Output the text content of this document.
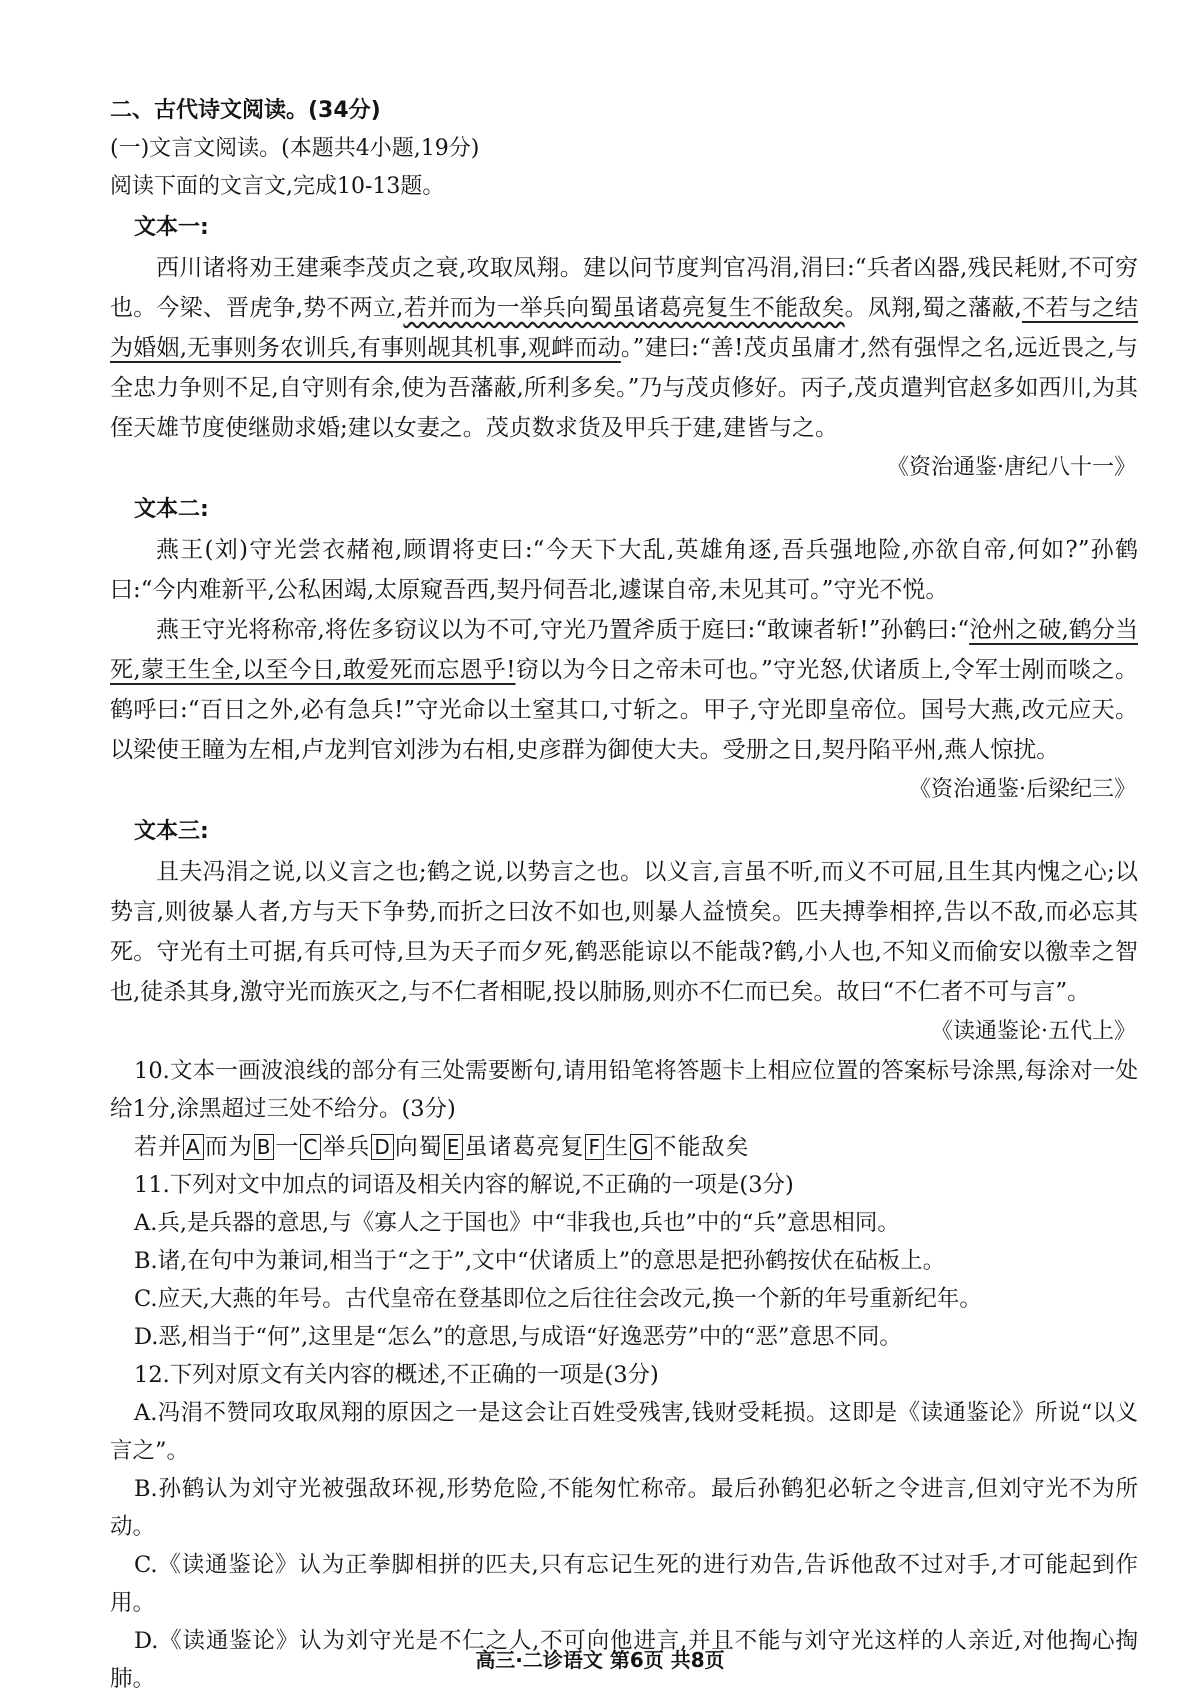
二、古代诗文阅读。(34分)

(一)文言文阅读。(本题共4小题,19分)

阅读下面的文言文,完成10-13题。

文本一:

西川诸将劝王建乘李茂贞之衰,攻取凤翔。建以问节度判官冯涓,涓曰:“兵者凶器,残民耗财,不可穷也。今梁、晋虎争,势不两立,若并而为一举兵向蜀虽诸葛亮复生不能敌矣。凤翔,蜀之藩蔽,不若与之结为婚姻,无事则务农训兵,有事则觇其机事,观衅而动。”建曰:“善!茂贞虽庸才,然有强悍之名,远近畏之,与全忠力争则不足,自守则有余,使为吾藩蔽,所利多矣。”乃与茂贞修好。丙子,茂贞遣判官赵多如西川,为其侄天雄节度使继勋求婚;建以女妻之。茂贞数求货及甲兵于建,建皆与之。

《资治通鉴·唐纪八十一》

文本二:

燕王(刘)守光尝衣赭袍,顾谓将吏曰:“今天下大乱,英雄角逐,吾兵强地险,亦欲自帝,何如?”孙鹤曰:“今内难新平,公私困竭,太原窥吾西,契丹伺吾北,遽谋自帝,未见其可。”守光不悦。

燕王守光将称帝,将佐多窃议以为不可,守光乃置斧质于庭曰:“敢谏者斩!”孙鹤曰:“沧州之破,鹤分当死,蒙王生全,以至今日,敢爱死而忘恩乎!窃以为今日之帝未可也。”守光怒,伏诸质上,令军士剐而啖之。鹤呼曰:“百日之外,必有急兵!”守光命以土窒其口,寸斩之。甲子,守光即皇帝位。国号大燕,改元应天。以梁使王瞳为左相,卢龙判官刘涉为右相,史彦群为御使大夫。受册之日,契丹陷平州,燕人惊扰。

《资治通鉴·后梁纪三》

文本三:

且夫冯涓之说,以义言之也;鹤之说,以势言之也。以义言,言虽不听,而义不可屈,且生其内愧之心;以势言,则彼暴人者,方与天下争势,而折之曰汝不如也,则暴人益愤矣。匹夫搏拳相捽,告以不敌,而必忘其死。守光有土可据,有兵可恃,旦为天子而夕死,鹤恶能谅以不能哉?鹤,小人也,不知义而偷安以徼幸之智也,徒杀其身,激守光而族灭之,与不仁者相昵,投以肺肠,则亦不仁而已矣。故曰“不仁者不可与言”。

《读通鉴论·五代上》

10.文本一画波浪线的部分有三处需要断句,请用铅笔将答题卡上相应位置的答案标号涂黑,每涂对一处给1分,涂黑超过三处不给分。(3分)

若并 A 而为 B 一 C 举兵 D 向蜀 E 虽诸葛亮复 F 生 G 不能敌矣

11.下列对文中加点的词语及相关内容的解说,不正确的一项是(3分)

A.兵,是兵器的意思,与《寡人之于国也》中“非我也,兵也”中的“兵”意思相同。

B.诸,在句中为兼词,相当于“之于”,文中“伏诸质上”的意思是把孙鹤按伏在砧板上。

C.应天,大燕的年号。古代皇帝在登基即位之后往往会改元,换一个新的年号重新纪年。

D.恶,相当于“何”,这里是“怎么”的意思,与成语“好逸恶劳”中的“恶”意思不同。

12.下列对原文有关内容的概述,不正确的一项是(3分)

A.冯涓不赞同攻取凤翔的原因之一是这会让百姓受残害,钱财受耗损。这即是《读通鉴论》所说“以义言之”。

B.孙鹤认为刘守光被强敌环视,形势危险,不能匆忙称帝。最后孙鹤犯必斩之令进言,但刘守光不为所动。

C.《读通鉴论》认为正拳脚相拼的匹夫,只有忘记生死的进行劝告,告诉他敌不过对手,才可能起到作用。

D.《读通鉴论》认为刘守光是不仁之人,不可向他进言,并且不能与刘守光这样的人亲近,对他掏心掏肺。

高三·二诊语文 第6页 共8页
